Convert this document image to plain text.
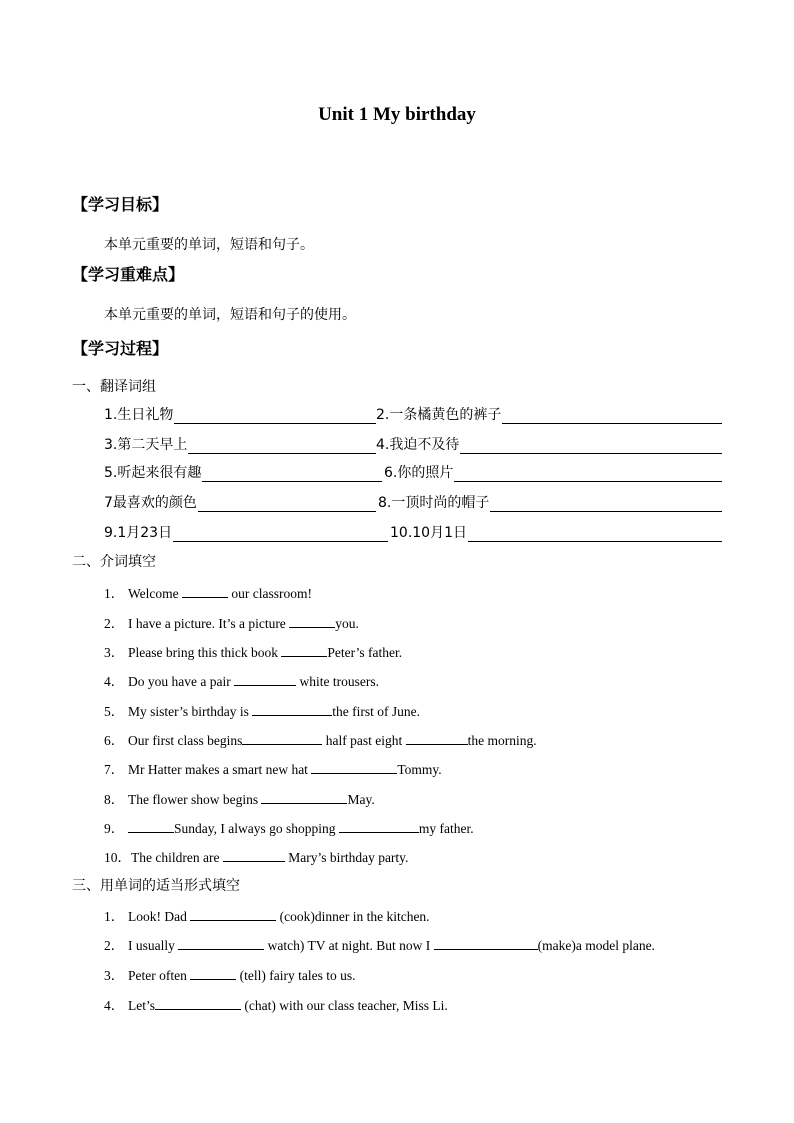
Unit 1 My birthday
【学习目标】
本单元重要的单词，短语和句子。
【学习重难点】
本单元重要的单词，短语和句子的使用。
【学习过程】
一、翻译词组
1.生日礼物	2.一条橘黄色的裤子
3.第二天早上	4.我迫不及待
5.听起来很有趣	6.你的照片
7最喜欢的颜色	8.一顶时尚的帽子
9.1月23日	10.10月1日
二、介词填空
1． Welcome	our classroom!
2． I have a picture. It’s a picture	you.
3． Please bring this thick book	Peter’s father.
4． Do you have a pair	white trousers.
5． My sister’s birthday is	the first of June.
6． Our first class begins	half past eight	the morning.
7． Mr Hatter makes a smart new hat	Tommy.
8． The flower show begins	May.
9．	Sunday, I always go shopping	my father.
10．The children are	Mary’s birthday party.
三、用单词的适当形式填空
1． Look! Dad	(cook)dinner in the kitchen.
2． I usually	watch) TV at night. But now I	(make)a model plane.
3． Peter often	(tell) fairy tales to us.
4． Let’s	(chat) with our class teacher, Miss Li.
